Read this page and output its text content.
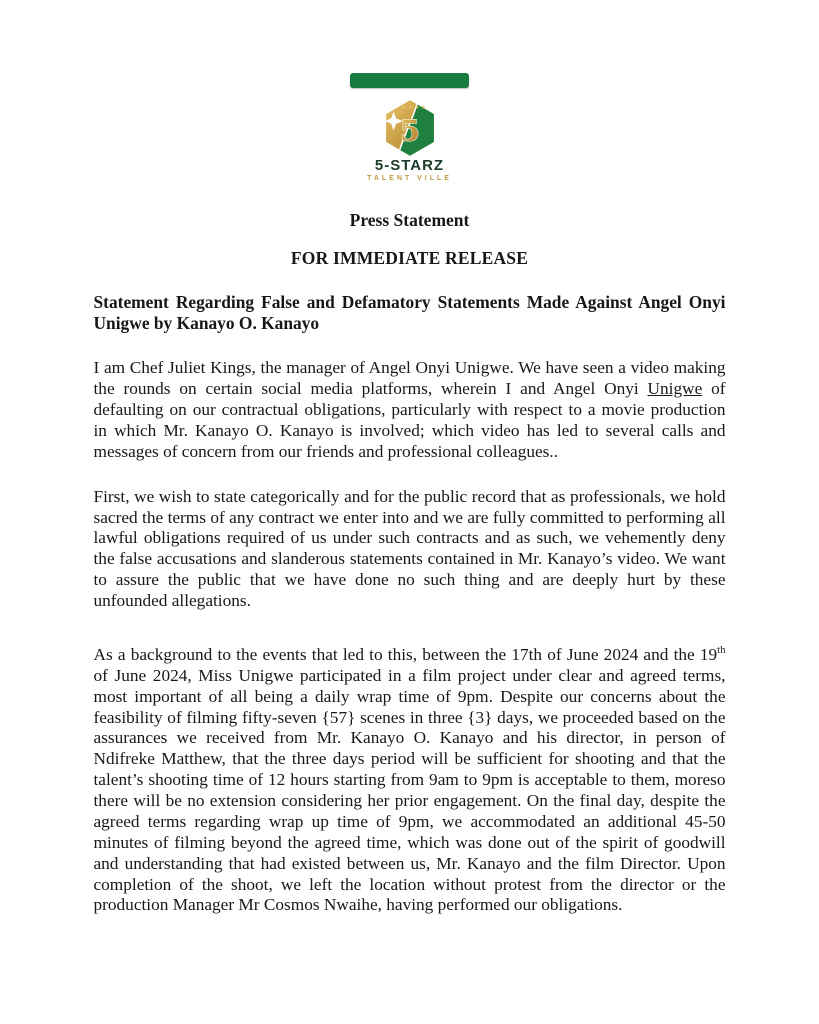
5
★ ★ ★ ★
5-STARZ
TALENT VILLE
Press Statement
FOR IMMEDIATE RELEASE
Statement Regarding False and Defamatory Statements Made Against Angel Onyi Unigwe by Kanayo O. Kanayo

I am Chef Juliet Kings, the manager of Angel Onyi Unigwe. We have seen a video making the rounds on certain social media platforms, wherein I and Angel Onyi Unigwe of defaulting on our contractual obligations, particularly with respect to a movie production in which Mr. Kanayo O. Kanayo is involved; which video has led to several calls and messages of concern from our friends and professional colleagues..

First, we wish to state categorically and for the public record that as professionals, we hold sacred the terms of any contract we enter into and we are fully committed to performing all lawful obligations required of us under such contracts and as such, we vehemently deny the false accusations and slanderous statements contained in Mr. Kanayo’s video. We want to assure the public that we have done no such thing and are deeply hurt by these unfounded allegations.

As a background to the events that led to this, between the 17th of June 2024 and the 19th of June 2024, Miss Unigwe participated in a film project under clear and agreed terms, most important of all being a daily wrap time of 9pm. Despite our concerns about the feasibility of filming fifty-seven {57} scenes in three {3} days, we proceeded based on the assurances we received from Mr. Kanayo O. Kanayo and his director, in person of Ndifreke Matthew, that the three days period will be sufficient for shooting and that the talent’s shooting time of 12 hours starting from 9am to 9pm is acceptable to them, moreso there will be no extension considering her prior engagement. On the final day, despite the agreed terms regarding wrap up time of 9pm, we accommodated an additional 45-50 minutes of filming beyond the agreed time, which was done out of the spirit of goodwill and understanding that had existed between us, Mr. Kanayo and the film Director. Upon completion of the shoot, we left the location without protest from the director or the production Manager Mr Cosmos Nwaihe, having performed our obligations.
